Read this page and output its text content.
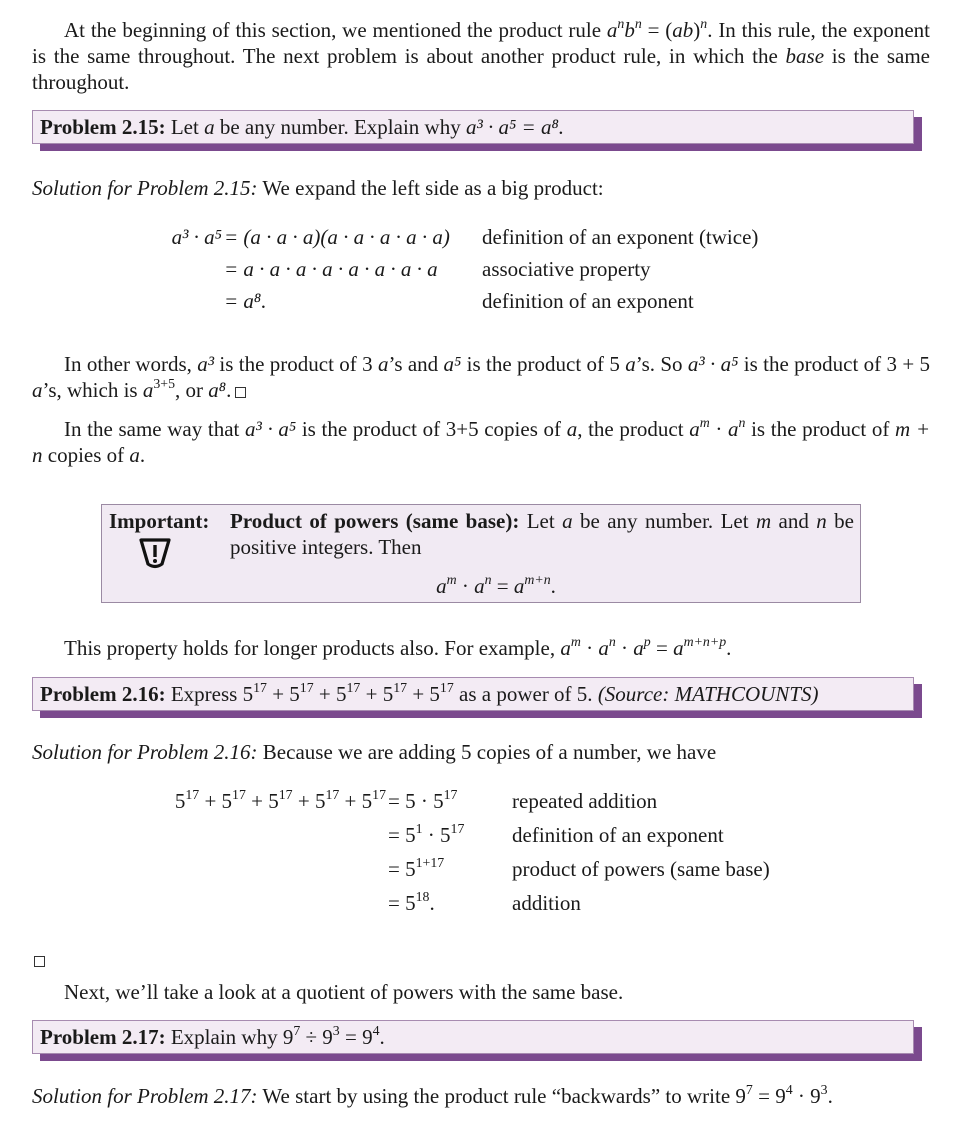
At the beginning of this section, we mentioned the product rule $a^nb^n = (ab)^n$. In this rule, the exponent is the same throughout. The next problem is about another product rule, in which the base is the same throughout.
Problem 2.15: Let a be any number. Explain why a³ · a⁵ = a⁸.
Solution for Problem 2.15: We expand the left side as a big product:
a³ · a⁵ = (a · a · a)(a · a · a · a · a) definition of an exponent (twice)
= a · a · a · a · a · a · a · a associative property
= a⁸.	definition of an exponent
In other words, a³ is the product of 3 a’s and a⁵ is the product of 5 a’s. So a³ · a⁵ is the product of 3 + 5 a’s, which is $a^{3+5}$, or a⁸.
In the same way that a³ · a⁵ is the product of 3+5 copies of a, the product $a^m \cdot a^n$ is the product of m + n copies of a.
Important: Product of powers (same base): Let a be any number. Let m and n be positive integers. Then
$a^m \cdot a^n = a^{m+n}$.
This property holds for longer products also. For example, $a^m \cdot a^n \cdot a^p = a^{m+n+p}$.
Problem 2.16: Express $5^{17} + 5^{17} + 5^{17} + 5^{17} + 5^{17}$ as a power of 5. (Source: MATHCOUNTS)
Solution for Problem 2.16: Because we are adding 5 copies of a number, we have
$5^{17} + 5^{17} + 5^{17} + 5^{17} + 5^{17} = 5 \cdot 5^{17}$	repeated addition
= $5^1 \cdot 5^{17}$ definition of an exponent
= $5^{1+17}$	product of powers (same base)
= $5^{18}$.	addition
Next, we’ll take a look at a quotient of powers with the same base.
Problem 2.17: Explain why $9^7 \div 9^3 = 9^4$.
Solution for Problem 2.17: We start by using the product rule “backwards” to write $9^7 = 9^4 \cdot 9^3$.
